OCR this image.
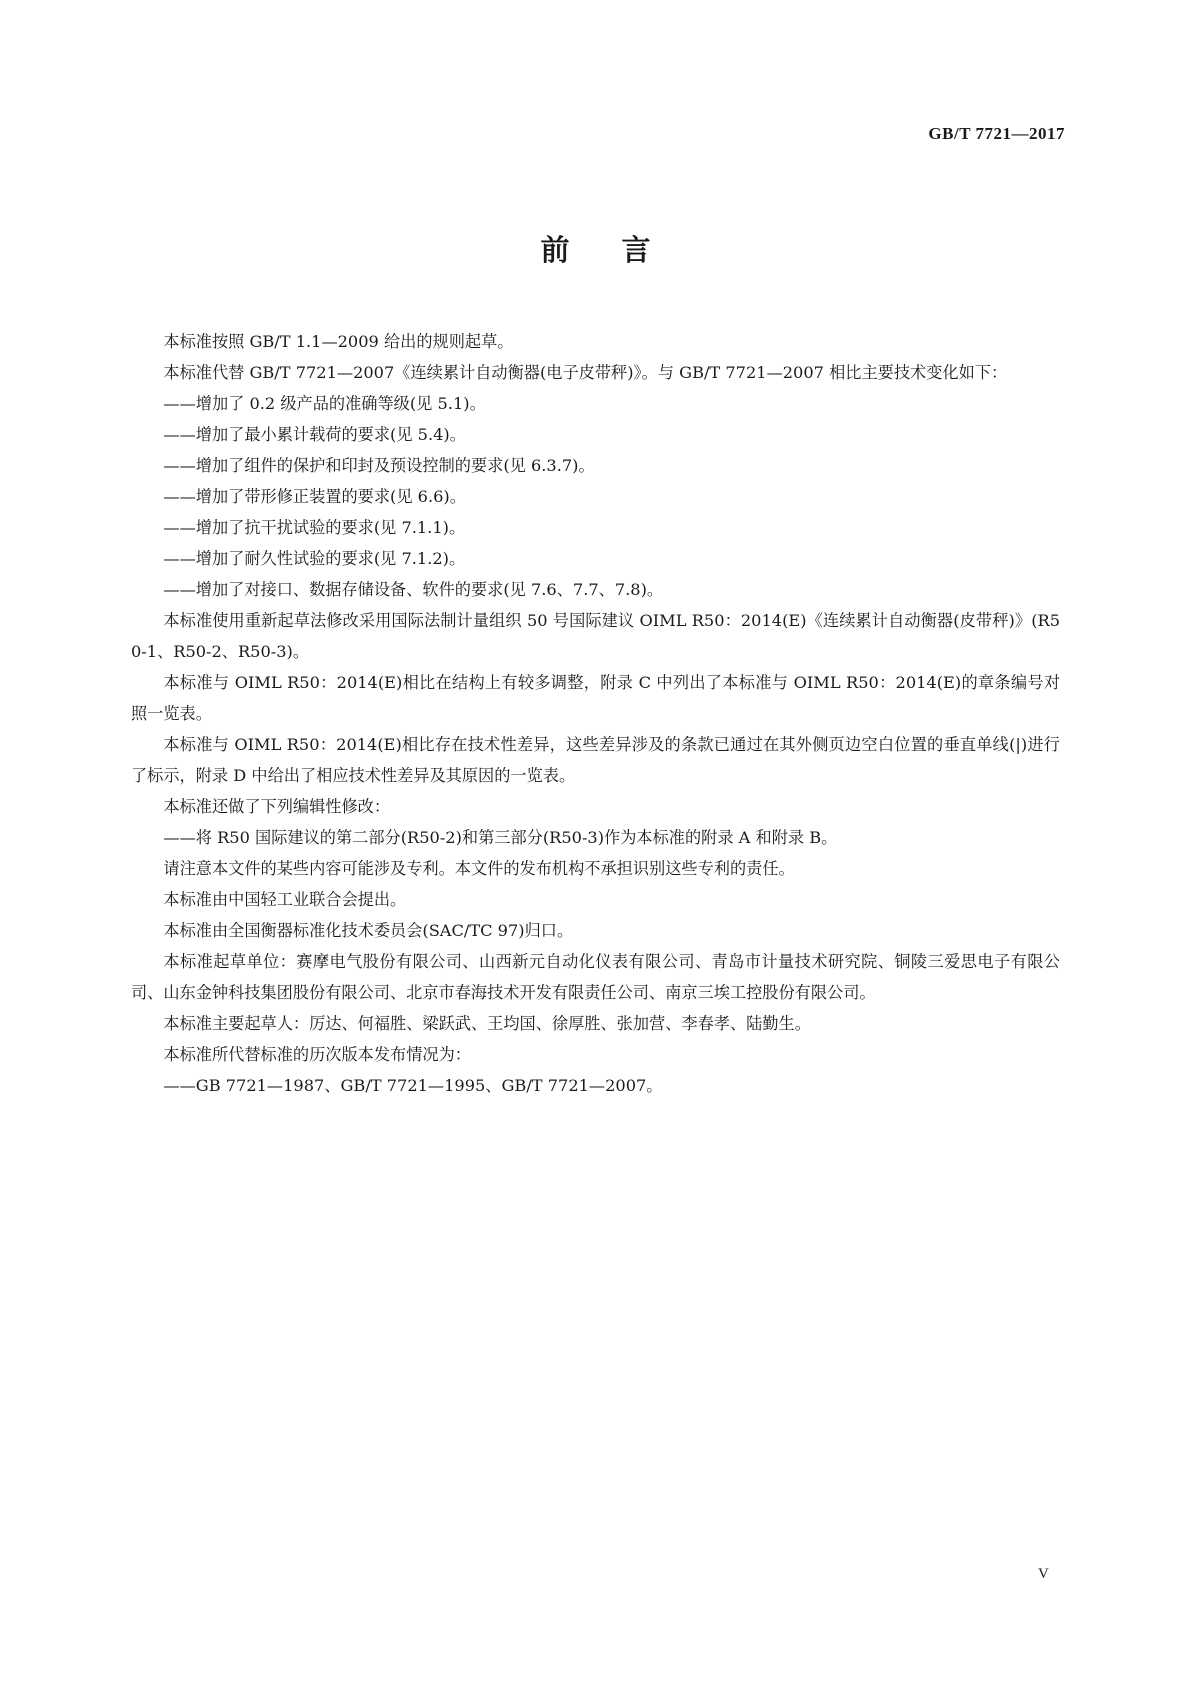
GB/T 7721—2017
前言

本标准按照 GB/T 1.1—2009 给出的规则起草。

本标准代替 GB/T 7721—2007《连续累计自动衡器(电子皮带秤)》。与 GB/T 7721—2007 相比主要技术变化如下：

——增加了 0.2 级产品的准确等级(见 5.1)。

——增加了最小累计载荷的要求(见 5.4)。

——增加了组件的保护和印封及预设控制的要求(见 6.3.7)。

——增加了带形修正装置的要求(见 6.6)。

——增加了抗干扰试验的要求(见 7.1.1)。

——增加了耐久性试验的要求(见 7.1.2)。

——增加了对接口、数据存储设备、软件的要求(见 7.6、7.7、7.8)。

本标准使用重新起草法修改采用国际法制计量组织 50 号国际建议 OIML R50：2014(E)《连续累计自动衡器(皮带秤)》(R50-1、R50-2、R50-3)。

本标准与 OIML R50：2014(E)相比在结构上有较多调整，附录 C 中列出了本标准与 OIML R50：2014(E)的章条编号对照一览表。

本标准与 OIML R50：2014(E)相比存在技术性差异，这些差异涉及的条款已通过在其外侧页边空白位置的垂直单线(|)进行了标示，附录 D 中给出了相应技术性差异及其原因的一览表。

本标准还做了下列编辑性修改：

——将 R50 国际建议的第二部分(R50-2)和第三部分(R50-3)作为本标准的附录 A 和附录 B。

请注意本文件的某些内容可能涉及专利。本文件的发布机构不承担识别这些专利的责任。

本标准由中国轻工业联合会提出。

本标准由全国衡器标准化技术委员会(SAC/TC 97)归口。

本标准起草单位：赛摩电气股份有限公司、山西新元自动化仪表有限公司、青岛市计量技术研究院、铜陵三爱思电子有限公司、山东金钟科技集团股份有限公司、北京市春海技术开发有限责任公司、南京三埃工控股份有限公司。

本标准主要起草人：厉达、何福胜、梁跃武、王均国、徐厚胜、张加营、李春孝、陆勤生。

本标准所代替标准的历次版本发布情况为：

——GB 7721—1987、GB/T 7721—1995、GB/T 7721—2007。

V
